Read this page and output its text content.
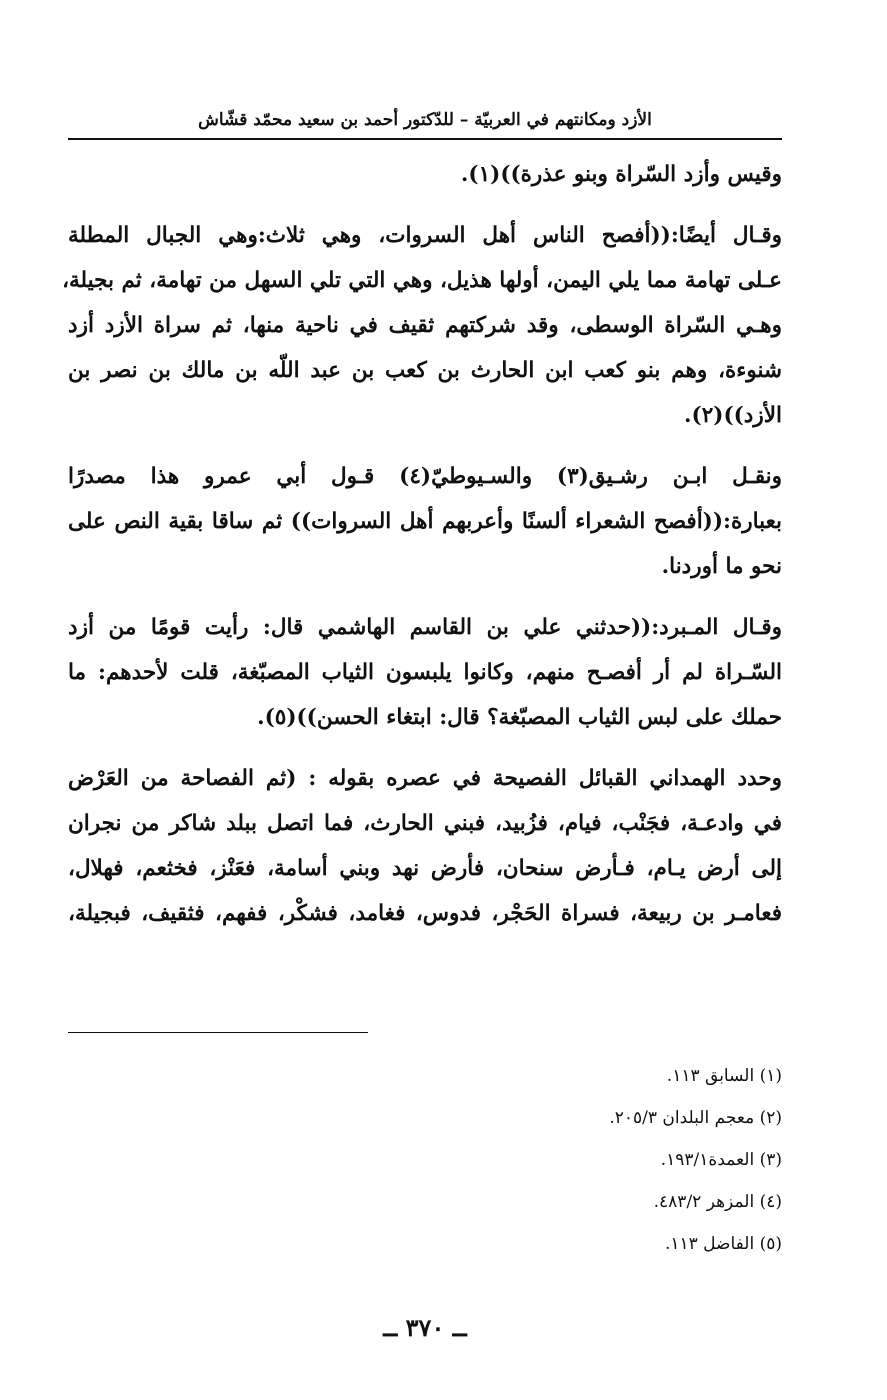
الأزد ومكانتهم في العربيّة – للدّكتور أحمد بن سعيد محمّد قشّاش
وقيس وأزد السّراة وبنو عذرة))(١).
وقـال أيضًا:((أفصح الناس أهل السروات، وهي ثلاث:وهي الجبال المطلة
عـلى تهامة مما يلي اليمن، أولها هذيل، وهي التي تلي السهل من تهامة، ثم بجيلة،
وهـي السّراة الوسطى، وقد شركتهم ثقيف في ناحية منها، ثم سراة الأزد أزد
شنوءة، وهم بنو كعب ابن الحارث بن كعب بن عبد اللّه بن مالك بن نصر بن
الأزد))(٢).
ونقـل ابـن رشـيق(٣) والسـيوطيّ(٤) قـول أبي عمرو هذا مصدرًا
بعبارة:((أفصح الشعراء ألسنًا وأعربهم أهل السروات)) ثم ساقا بقية النص على
نحو ما أوردنا.
وقـال المـبرد:((حدثني علي بن القاسم الهاشمي قال: رأيت قومًا من أزد
السّـراة لم أر أفصـح منهم، وكانوا يلبسون الثياب المصبّغة، قلت لأحدهم: ما
حملك على لبس الثياب المصبّغة؟ قال: ابتغاء الحسن))(٥).
وحدد الهمداني القبائل الفصيحة في عصره بقوله : (ثم الفصاحة من العَرْض
في وادعـة، فجَنْب، فيام، فزُبيد، فبني الحارث، فما اتصل ببلد شاكر من نجران
إلى أرض يـام، فـأرض سنحان، فأرض نهد وبني أسامة، فعَنْز، فخثعم، فهلال،
فعامـر بن ربيعة، فسراة الحَجْر، فدوس، فغامد، فشكْر، ففهم، فثقيف، فبجيلة،
(١) السابق ١١٣.
(٢) معجم البلدان ٢٠٥/٣.
(٣) العمدة١٩٣/١.
(٤) المزهر ٤٨٣/٢.
(٥) الفاضل ١١٣.
ــ ٣٧٠ ــ
